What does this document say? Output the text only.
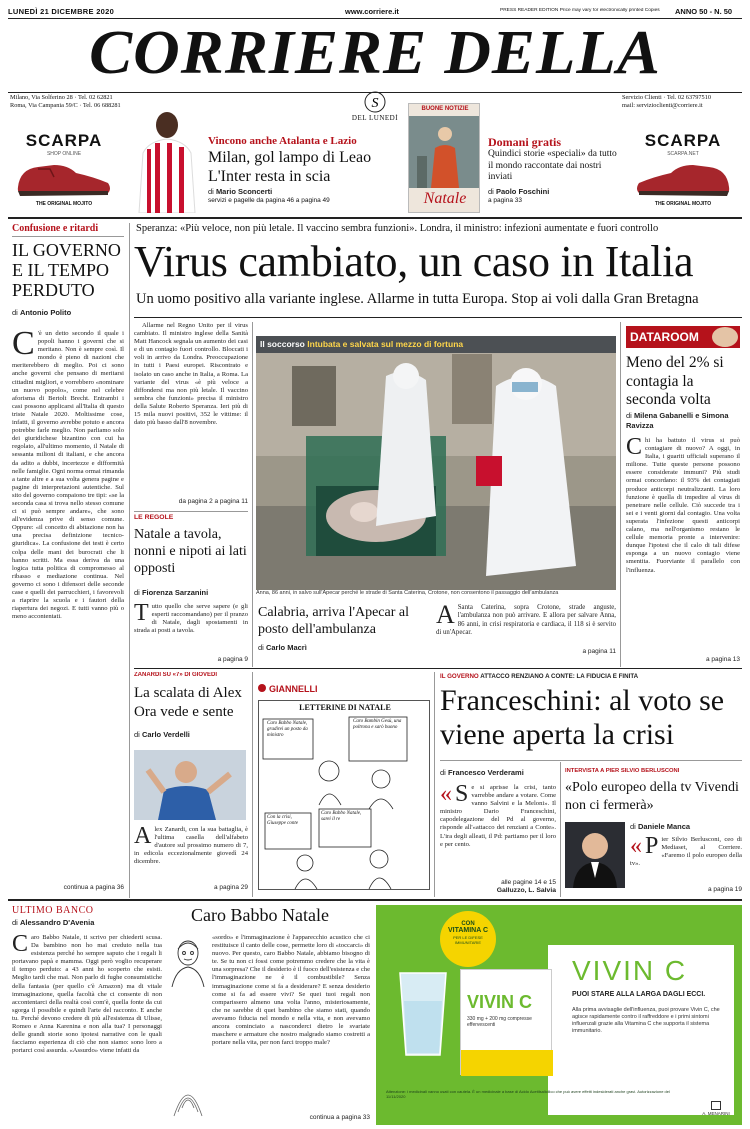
LUNEDÌ 21 DICEMBRE 2020	www.corriere.it	PRESS READER EDITION Price may vary for electronically printed Copies	ANNO 50 - N. 50
CORRIERE DELLA
Milano, Via Solferino 28 · Tel. 02 62821
Roma, Via Campania 59/C · Tel. 06 688281	S
DEL LUNEDÌ
Servizio Clienti · Tel. 02 63797510
mail: servizioclienti@corriere.it
SCARPA
SHOP ONLINE
THE ORIGINAL MOJITO
SCARPA
SCARPA.NET
THE ORIGINAL MOJITO
Vincono anche Atalanta e Lazio
Milan, gol lampo di Leao L'Inter resta in scia
di Mario Sconcerti
servizi e pagelle da pagina 46 a pagina 49
BUONE NOTIZIE
Natale
Domani gratis
Quindici storie «speciali» da tutto il mondo raccontate dai nostri inviati
di Paolo Foschini
a pagina 33
Confusione e ritardi
IL GOVERNO E IL TEMPO PERDUTO
di Antonio Polito
C 'è un detto secondo il quale i popoli hanno i governi che si meritano. Non è sempre così. Il mondo è pieno di nazioni che meriterebbero di meglio. Poi ci sono anche governi che pensano di meritarsi cittadini migliori, e vorrebbero «nominare un nuovo popolo», come nel celebre aforisma di Bertolt Brecht. Entrambi i casi possono applicarsi all'Italia di questo triste Natale 2020. Moltissime cose, infatti, il governo avrebbe potuto e ancora potrebbe farle meglio. Non parliamo solo dei giuridichese bizantino con cui ha regolato, all'ultimo momento, il Natale di sessanta milioni di italiani, e che ancora da adito a dubbi, incertezze e difformità nelle famiglie. Ogni norma ormai rimanda a tante altre e a sua volta genera pagine e pagine di interpretazioni autentiche. Sul sito del governo compaiono tre tipi: «se la seconda casa si trova nello stesso comune ci si può sempre andare», che sono all'evidenza prive di senso comune. Oppure: «il concetto di abitazione non ha una precisa definizione tecnico-giuridica». La confusione dei testi è certo colpa delle mani dei burocrati che li hanno scritti. Ma essa deriva da una logica tutta politica di compromesso al ribasso e mediazione continua. Nel governo ci sono i difensori delle seconde case e quelli dei parrucchieri, i favorevoli a riaprire la scuola e i fautori della riapertura dei negozi. E tutti vanno più o meno accontentati.
continua a pagina 36
Speranza: «Più veloce, non più letale. Il vaccino sembra funzioni». Londra, il ministro: infezioni aumentate e fuori controllo
Virus cambiato, un caso in Italia
Un uomo positivo alla variante inglese. Allarme in tutta Europa. Stop ai voli dalla Gran Bretagna
Allarme nel Regno Unito per il virus cambiato. Il ministro inglese della Sanità Matt Hancock segnala un aumento dei casi e di un contagio fuori controllo. Bloccati i voli in arrivo da Londra. Preoccupazione in tutti i Paesi europei. Riscontrato e isolato un caso anche in Italia, a Roma. La variante del virus «è più veloce a diffondersi ma non più letale. Il vaccino sembra che funzioni» precisa il ministro della Salute Roberto Speranza. Ieri più di 15 mila nuovi positivi, 352 le vittime: il dato più basso dall'8 novembre.
da pagina 2 a pagina 11
Il soccorso Intubata e salvata sul mezzo di fortuna
Anna, 86 anni, in salvo sull'Apecar perché le strade di Santa Caterina, Crotone, non consentono il passaggio dell'ambulanza
Calabria, arriva l'Apecar al posto dell'ambulanza
di Carlo Macrì
A Santa Caterina, sopra Crotone, strade anguste, l'ambulanza non può arrivare. E allora per salvare Anna, 86 anni, in crisi respiratoria e cardiaca, il 118 si è servito di un'Apecar.
a pagina 11
LE REGOLE
Natale a tavola, nonni e nipoti ai lati opposti
di Fiorenza Sarzanini
Tutto quello che serve sapere (e gli esperti raccomandano) per il pranzo di Natale, dagli spostamenti in strada ai posti a tavola.
a pagina 9
DATAROOM
Meno del 2% si contagia la seconda volta
di Milena Gabanelli e Simona Ravizza
Chi ha battuto il virus si può contagiare di nuovo? A oggi, in Italia, i guariti ufficiali superano il milione. Tutte queste persone possono essere considerate immuni? Più studi ormai concordano: il 93% dei contagiati produce anticorpi neutralizzanti. La loro funzione è quella di impedire al virus di penetrare nelle cellule. Ciò succede tra i sei e i venti giorni dal contagio. Una volta superata l'infezione questi anticorpi calano, ma nell'organismo restano le cellule memoria pronte a intervenire: dunque l'ipotesi che il calo di tali difese esponga a un nuovo contagio viene smentita. Fuorviante il parallelo con l'influenza.
a pagina 13
ZANARDI SU «7» DI GIOVEDÌ
La scalata di Alex Ora vede e sente
di Carlo Verdelli
Alex Zanardi, con la sua battaglia, è l'ultima casella dell'alfabeto d'autore sul prossimo numero di 7, in edicola eccezionalmente giovedì 24 dicembre.
a pagina 29
GIANNELLI
LETTERINE DI NATALE
Caro Babbo Natale, gradirei un posto da ministro
Caro Bambin Gesù, una poltrona e sarò buono
Con la crisi, Giuseppe conte
Caro Babbo Natale, sarei il re
IL GOVERNO ATTACCO RENZIANO A CONTE: LA FIDUCIA È FINITA
Franceschini: al voto se viene aperta la crisi
di Francesco Verderami
« S e si aprisse la crisi, tanto varrebbe andare a votare. Come vanno Salvini e la Meloni». Il ministro Dario Franceschini, capodelegazione del Pd al governo, risponde all'«attacco dei renziani a Conte». L'ira degli alleati, il Pd: partiamo per il loro e per cento.
alle pagine 14 e 15
Galluzzo, L. Salvia
INTERVISTA A PIER SILVIO BERLUSCONI
«Polo europeo della tv Vivendi non ci fermerà»
di Daniele Manca
« P ier Silvio Berlusconi, ceo di Mediaset, al Corriere. «Faremo il polo europeo della tv».
a pagina 19
ULTIMO BANCO
di Alessandro D'Avenia	Caro Babbo Natale
Caro Babbo Natale, ti scrivo per chiederti scusa. Da bambino non ho mai creduto nella tua esistenza perché ho sempre saputo che i regali li portavano papà e mamma. Oggi però voglio recuperare il tempo perduto: a 43 anni ho scoperto che esisti. Meglio tardi che mai. Non parlo di fughe consumistiche della fantasia (per quello c'è Amazon) ma di vitale immaginazione, quella facoltà che ci consente di non accontentarci della realtà così com'è, quella fonte da cui sgorga il possibile e quindi l'arte del racconto. E anche tu. Perché devono credere di più all'esistenza di Ulisse, Romeo e Anna Karenina e non alla tua? I personaggi delle grandi storie sono ipotesi narrative con le quali facciamo esperienza di ciò che non siamo: sono loro a portarci così assurda. «Assurdo» viene infatti da
«sordo» e l'immaginazione è l'apparecchio acustico che ci restituisce il canto delle cose, permette loro di «toccarci» di nuovo. Per questo, caro Babbo Natale, abbiamo bisogno di te. Se tu non ci fossi come potremmo credere che la vita è una sorpresa? Che il desiderio è il fuoco dell'esistenza e che l'immaginazione ne è il combustibile? Senza immaginazione come si fa a desiderare? E senza desiderio come si fa ad essere vivi? Se quei tuoi regali non comparissero almeno una volta l'anno, misteriosamente, che ne sarebbe di quei bambino che siamo stati, quando avevamo fiducia nel mondo e nella vita, e non avevamo ancora cominciato a nasconderci dietro le svariate maschere e armature che nostro malgrado siamo costretti a portare nella vita, per non farci troppo male?
continua a pagina 33
CON
VITAMINA C
PER LE DIFESE IMMUNITARIE
VIVIN C
330 mg + 200 mg compresse effervescenti
VIVIN C
PUOI STARE ALLA LARGA DAGLI ECCI.
Alla prima avvisaglie dell'influenza, puoi provare Vivin C, che agisce rapidamente contro il raffreddore e i primi sintomi influenzali grazie alla Vitamina C che supporta il sistema immunitario.
Attenzione: i medicinali vanno usati con cautela. È un medicinale a base di Acido Acetilsalicilico che può avere effetti indesiderati anche gravi. Autorizzazione del 11/11/2020
A. MENARINI
